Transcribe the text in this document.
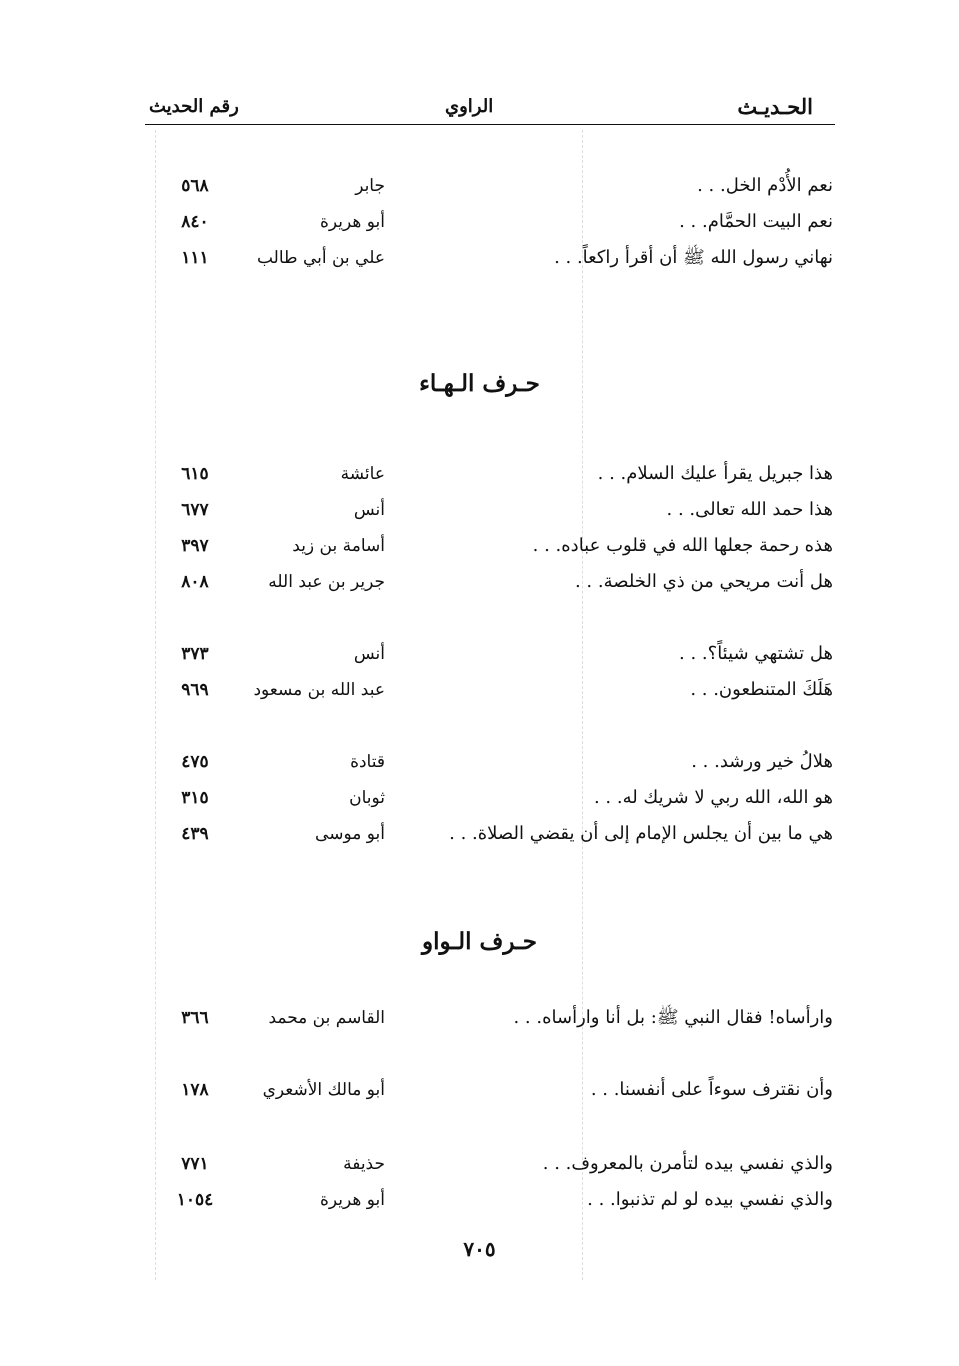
الحـديـث
الراوي
رقم الحديث
نعم الأُدْم الخل. . .
جابر
٥٦٨
نعم البيت الحمَّام. . .
أبو هريرة
٨٤٠
نهاني رسول الله ﷺ أن أقرأ راكعاً. . .
علي بن أبي طالب
١١١
حـرف الـهـاء
هذا جبريل يقرأ عليك السلام. . .
عائشة
٦١٥
هذا حمد الله تعالى. . .
أنس
٦٧٧
هذه رحمة جعلها الله في قلوب عباده. . .
أسامة بن زيد
٣٩٧
هل أنت مريحي من ذي الخلصة. . .
جرير بن عبد الله
٨٠٨
هل تشتهي شيئاً؟. . .
أنس
٣٧٣
هَلَكَ المتنطعون. . .
عبد الله بن مسعود
٩٦٩
هلالُ خير ورشد. . .
قتادة
٤٧٥
هو الله، الله ربي لا شريك له. . .
ثوبان
٣١٥
هي ما بين أن يجلس الإمام إلى أن يقضي الصلاة. . .
أبو موسى
٤٣٩
حـرف الـواو
وارأساه! فقال النبي ﷺ: بل أنا وارأساه. . .
القاسم بن محمد
٣٦٦
وأن نقترف سوءاً على أنفسنا. . .
أبو مالك الأشعري
١٧٨
والذي نفسي بيده لتأمرن بالمعروف. . .
حذيفة
٧٧١
والذي نفسي بيده لو لم تذنبوا. . .
أبو هريرة
١٠٥٤
٧٠٥
